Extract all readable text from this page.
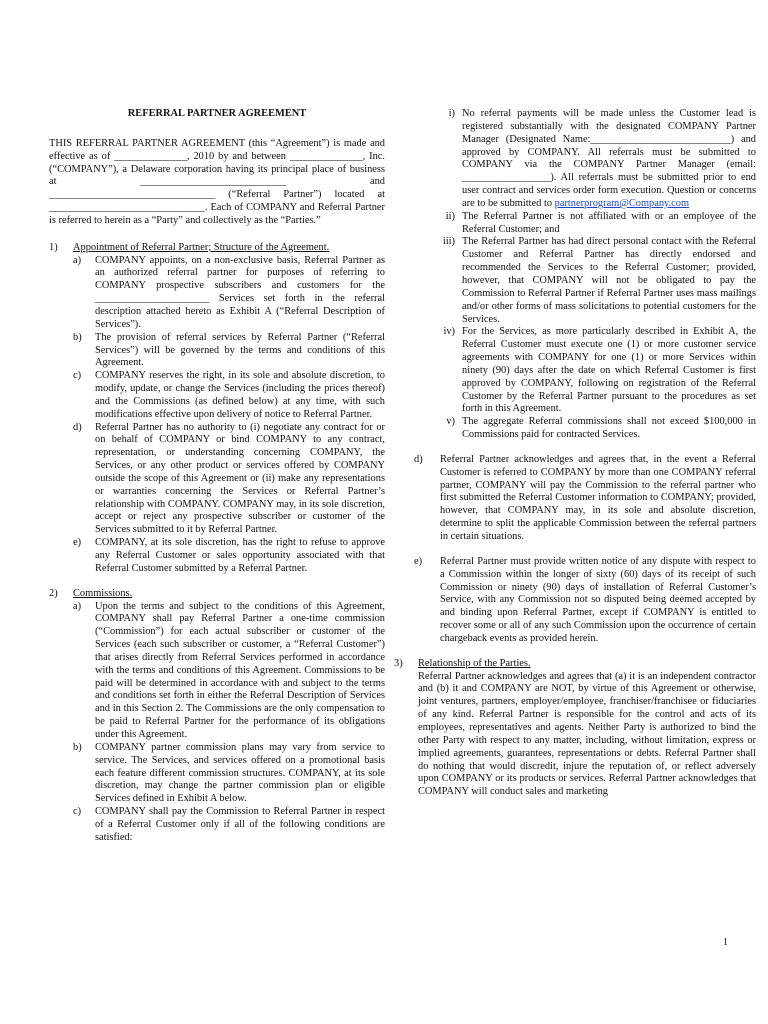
REFERRAL PARTNER AGREEMENT

THIS REFERRAL PARTNER AGREEMENT (this “Agreement”) is made and effective as of ______________, 2010 by and between ______________, Inc. (“COMPANY”), a Delaware corporation having its principal place of business at ____________________________ and ________________________________ (“Referral Partner”) located at ______________________________. Each of COMPANY and Referral Partner is referred to herein as a “Party” and collectively as the “Parties.”

1)	Appointment of Referral Partner; Structure of the Agreement.
a)	COMPANY appoints, on a non-exclusive basis, Referral Partner as an authorized referral partner for purposes of referring to COMPANY prospective subscribers and customers for the ______________________ Services set forth in the referral description attached hereto as Exhibit A (“Referral Description of Services”).
b)	The provision of referral services by Referral Partner (“Referral Services”) will be governed by the terms and conditions of this Agreement.
c)	COMPANY reserves the right, in its sole and absolute discretion, to modify, update, or change the Services (including the prices thereof) and the Commissions (as defined below) at any time, with such modifications effective upon delivery of notice to Referral Partner.
d)	Referral Partner has no authority to (i) negotiate any contract for or on behalf of COMPANY or bind COMPANY to any contract, representation, or understanding concerning COMPANY, the Services, or any other product or services offered by COMPANY outside the scope of this Agreement or (ii) make any representations or warranties concerning the Services or Referral Partner’s relationship with COMPANY. COMPANY may, in its sole discretion, accept or reject any prospective subscriber or customer of the Services submitted to it by Referral Partner.
e)	COMPANY, at its sole discretion, has the right to refuse to approve any Referral Customer or sales opportunity associated with that Referral Customer submitted by a Referral Partner.
2)	Commissions.
a)	Upon the terms and subject to the conditions of this Agreement, COMPANY shall pay Referral Partner a one-time commission (“Commission”) for each actual subscriber or customer of the Services (each such subscriber or customer, a “Referral Customer”) that arises directly from Referral Services performed in accordance with the terms and conditions of this Agreement. Commissions to be paid will be determined in accordance with and subject to the terms and conditions set forth in either the Referral Description of Services and in this Section 2. The Commissions are the only compensation to be paid to Referral Partner for the performance of its obligations under this Agreement.
b)	COMPANY partner commission plans may vary from service to service. The Services, and services offered on a promotional basis each feature different commission structures. COMPANY, at its sole discretion, may change the partner commission plan or eligible Services defined in Exhibit A below.
c)	COMPANY shall pay the Commission to Referral Partner in respect of a Referral Customer only if all of the following conditions are satisfied:
i) No referral payments will be made unless the Customer lead is registered substantially with the designated COMPANY Partner Manager (Designated Name:___________________________) and approved by COMPANY. All referrals must be submitted to COMPANY via the COMPANY Partner Manager (email: _________________). All referrals must be submitted prior to end user contract and services order form execution. Question or concerns are to be submitted to partnerprogram@Company.com
ii) The Referral Partner is not affiliated with or an employee of the Referral Customer; and
iii) The Referral Partner has had direct personal contact with the Referral Customer and Referral Partner has directly endorsed and recommended the Services to the Referral Customer; provided, however, that COMPANY will not be obligated to pay the Commission to Referral Partner if Referral Partner uses mass mailings and/or other forms of mass solicitations to potential customers for the Services.
iv) For the Services, as more particularly described in Exhibit A, the Referral Customer must execute one (1) or more customer service agreements with COMPANY for one (1) or more Services within ninety (90) days after the date on which Referral Customer is first approved by COMPANY, following on registration of the Referral Customer by the Referral Partner pursuant to the procedures as set forth in this Agreement.
v) The aggregate Referral commissions shall not exceed $100,000 in Commissions paid for contracted Services.
d)	Referral Partner acknowledges and agrees that, in the event a Referral Customer is referred to COMPANY by more than one COMPANY referral partner, COMPANY will pay the Commission to the referral partner who first submitted the Referral Customer information to COMPANY; provided, however, that COMPANY may, in its sole and absolute discretion, determine to split the applicable Commission between the referral partners in certain situations.
e)	Referral Partner must provide written notice of any dispute with respect to a Commission within the longer of sixty (60) days of its receipt of such Commission or ninety (90) days of installation of Referral Customer’s Service, with any Commission not so disputed being deemed accepted by and binding upon Referral Partner, except if COMPANY is entitled to recover some or all of any such Commission upon the occurrence of certain chargeback events as provided herein.
3)	Relationship of the Parties.

Referral Partner acknowledges and agrees that (a) it is an independent contractor and (b) it and COMPANY are NOT, by virtue of this Agreement or otherwise, joint ventures, partners, employer/employee, franchiser/franchisee or fiduciaries of any kind. Referral Partner is responsible for the control and acts of its employees, representatives and agents. Neither Party is authorized to bind the other Party with respect to any matter, including, without limitation, express or implied agreements, guarantees, representations or debts. Referral Partner shall do nothing that would discredit, injure the reputation of, or reflect adversely upon COMPANY or its products or services. Referral Partner acknowledges that COMPANY will conduct sales and marketing

1
